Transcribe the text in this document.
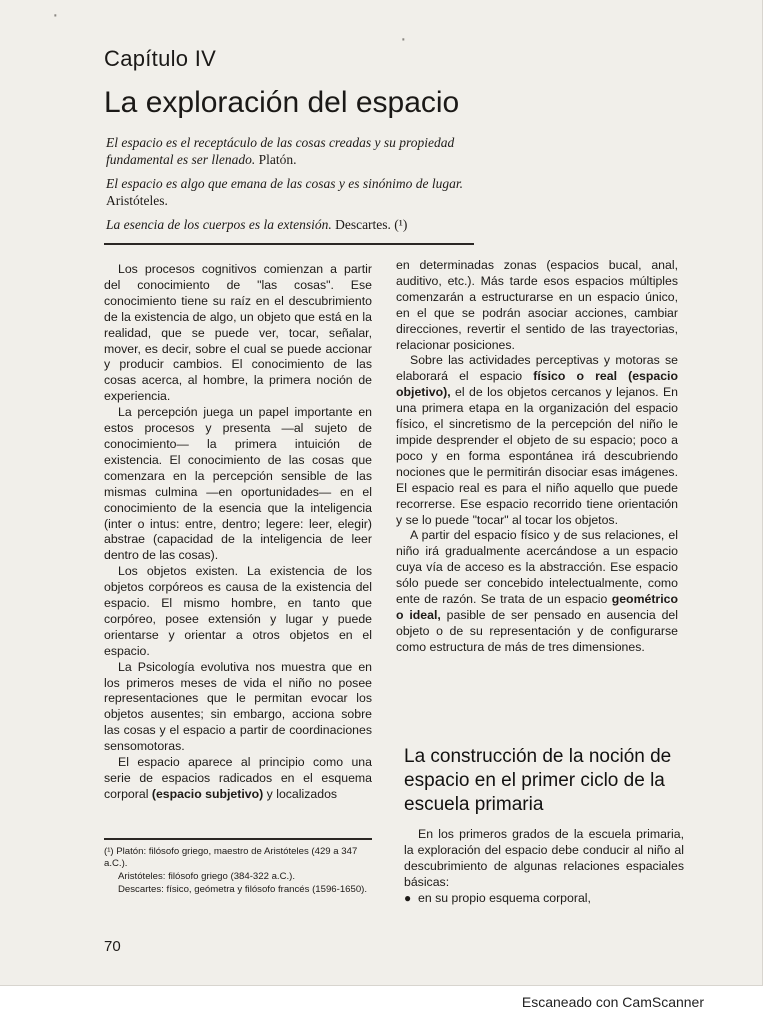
·
·
Capítulo IV
La exploración del espacio

El espacio es el receptáculo de las cosas creadas y su propiedad fundamental es ser llenado. Platón.

El espacio es algo que emana de las cosas y es sinónimo de lugar. Aristóteles.

La esencia de los cuerpos es la extensión. Descartes. (¹)

Los procesos cognitivos comienzan a partir del conocimiento de "las cosas". Ese conocimiento tiene su raíz en el descubrimiento de la existencia de algo, un objeto que está en la realidad, que se puede ver, tocar, señalar, mover, es decir, sobre el cual se puede accionar y producir cambios. El conocimiento de las cosas acerca, al hombre, la primera noción de experiencia.

La percepción juega un papel importante en estos procesos y presenta —al sujeto de conocimiento— la primera intuición de existencia. El conocimiento de las cosas que comenzara en la percepción sensible de las mismas culmina —en oportunidades— en el conocimiento de la esencia que la inteligencia (inter o intus: entre, dentro; legere: leer, elegir) abstrae (capacidad de la inteligencia de leer dentro de las cosas).

Los objetos existen. La existencia de los objetos corpóreos es causa de la existencia del espacio. El mismo hombre, en tanto que corpóreo, posee extensión y lugar y puede orientarse y orientar a otros objetos en el espacio.

La Psicología evolutiva nos muestra que en los primeros meses de vida el niño no posee representaciones que le permitan evocar los objetos ausentes; sin embargo, acciona sobre las cosas y el espacio a partir de coordinaciones sensomotoras.

El espacio aparece al principio como una serie de espacios radicados en el esquema corporal (espacio subjetivo) y localizados

(¹) Platón: filósofo griego, maestro de Aristóteles (429 a 347 a.C.).

Aristóteles: filósofo griego (384-322 a.C.).

Descartes: físico, geómetra y filósofo francés (1596-1650).

en determinadas zonas (espacios bucal, anal, auditivo, etc.). Más tarde esos espacios múltiples comenzarán a estructurarse en un espacio único, en el que se podrán asociar acciones, cambiar direcciones, revertir el sentido de las trayectorias, relacionar posiciones.

Sobre las actividades perceptivas y motoras se elaborará el espacio físico o real (espacio objetivo), el de los objetos cercanos y lejanos. En una primera etapa en la organización del espacio físico, el sincretismo de la percepción del niño le impide desprender el objeto de su espacio; poco a poco y en forma espontánea irá descubriendo nociones que le permitirán disociar esas imágenes. El espacio real es para el niño aquello que puede recorrerse. Ese espacio recorrido tiene orientación y se lo puede "tocar" al tocar los objetos.

A partir del espacio físico y de sus relaciones, el niño irá gradualmente acercándose a un espacio cuya vía de acceso es la abstracción. Ese espacio sólo puede ser concebido intelectualmente, como ente de razón. Se trata de un espacio geométrico o ideal, pasible de ser pensado en ausencia del objeto o de su representación y de configurarse como estructura de más de tres dimensiones.

La construcción de la noción de espacio en el primer ciclo de la escuela primaria

En los primeros grados de la escuela primaria, la exploración del espacio debe conducir al niño al descubrimiento de algunas relaciones espaciales básicas:

● en su propio esquema corporal,
70
Escaneado con CamScanner
